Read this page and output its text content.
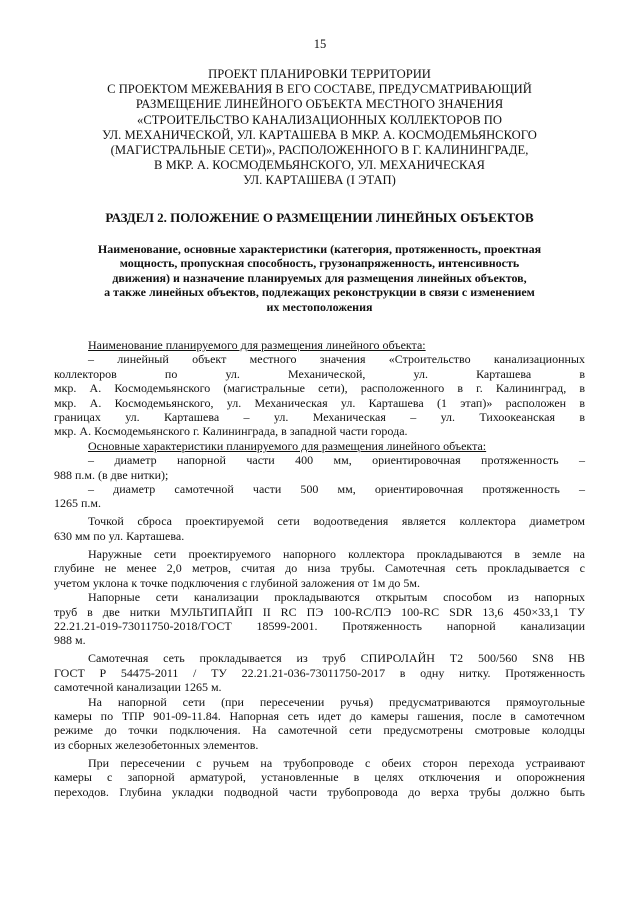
15
ПРОЕКТ ПЛАНИРОВКИ ТЕРРИТОРИИ
С ПРОЕКТОМ МЕЖЕВАНИЯ В ЕГО СОСТАВЕ, ПРЕДУСМАТРИВАЮЩИЙ
РАЗМЕЩЕНИЕ ЛИНЕЙНОГО ОБЪЕКТА МЕСТНОГО ЗНАЧЕНИЯ
«СТРОИТЕЛЬСТВО КАНАЛИЗАЦИОННЫХ КОЛЛЕКТОРОВ ПО
УЛ. МЕХАНИЧЕСКОЙ, УЛ. КАРТАШЕВА В МКР. А. КОСМОДЕМЬЯНСКОГО
(МАГИСТРАЛЬНЫЕ СЕТИ)», РАСПОЛОЖЕННОГО В Г. КАЛИНИНГРАДЕ,
В МКР. А. КОСМОДЕМЬЯНСКОГО, УЛ. МЕХАНИЧЕСКАЯ
УЛ. КАРТАШЕВА (I ЭТАП)
РАЗДЕЛ 2. ПОЛОЖЕНИЕ О РАЗМЕЩЕНИИ ЛИНЕЙНЫХ ОБЪЕКТОВ
Наименование, основные характеристики (категория, протяженность, проектная
мощность, пропускная способность, грузонапряженность, интенсивность
движения) и назначение планируемых для размещения линейных объектов,
а также линейных объектов, подлежащих реконструкции в связи с изменением
их местоположения
Наименование планируемого для размещения линейного объекта:
– линейный объект местного значения «Строительство канализационных
коллекторов по ул. Механической, ул. Карташева в
мкр. А. Космодемьянского (магистральные сети), расположенного в г. Калининград, в
мкр. А. Космодемьянского, ул. Механическая ул. Карташева (1 этап)» расположен в
границах ул. Карташева – ул. Механическая – ул. Тихоокеанская в
мкр. А. Космодемьянского г. Калининграда, в западной части города.
Основные характеристики планируемого для размещения линейного объекта:
– диаметр напорной части 400 мм, ориентировочная протяженность –
988 п.м. (в две нитки);
– диаметр самотечной части 500 мм, ориентировочная протяженность –
1265 п.м.

Точкой сброса проектируемой сети водоотведения является коллектора диаметром
630 мм по ул. Карташева.

Наружные сети проектируемого напорного коллектора прокладываются в земле на
глубине не менее 2,0 метров, считая до низа трубы. Самотечная сеть прокладывается с
учетом уклона к точке подключения с глубиной заложения от 1м до 5м.

Напорные сети канализации прокладываются открытым способом из напорных
труб в две нитки МУЛЬТИПАЙП II RC ПЭ 100-RC/ПЭ 100-RC SDR 13,6 450×33,1 ТУ
22.21.21-019-73011750-2018/ГОСТ 18599-2001. Протяженность напорной канализации
988 м.

Самотечная сеть прокладывается из труб СПИРОЛАЙН Т2 500/560 SN8 НВ
ГОСТ Р 54475-2011 / ТУ 22.21.21-036-73011750-2017 в одну нитку. Протяженность
самотечной канализации 1265 м.

На напорной сети (при пересечении ручья) предусматриваются прямоугольные
камеры по ТПР 901-09-11.84. Напорная сеть идет до камеры гашения, после в самотечном
режиме до точки подключения. На самотечной сети предусмотрены смотровые колодцы
из сборных железобетонных элементов.

При пересечении с ручьем на трубопроводе с обеих сторон перехода устраивают
камеры с запорной арматурой, установленные в целях отключения и опорожнения
переходов. Глубина укладки подводной части трубопровода до верха трубы должно быть
